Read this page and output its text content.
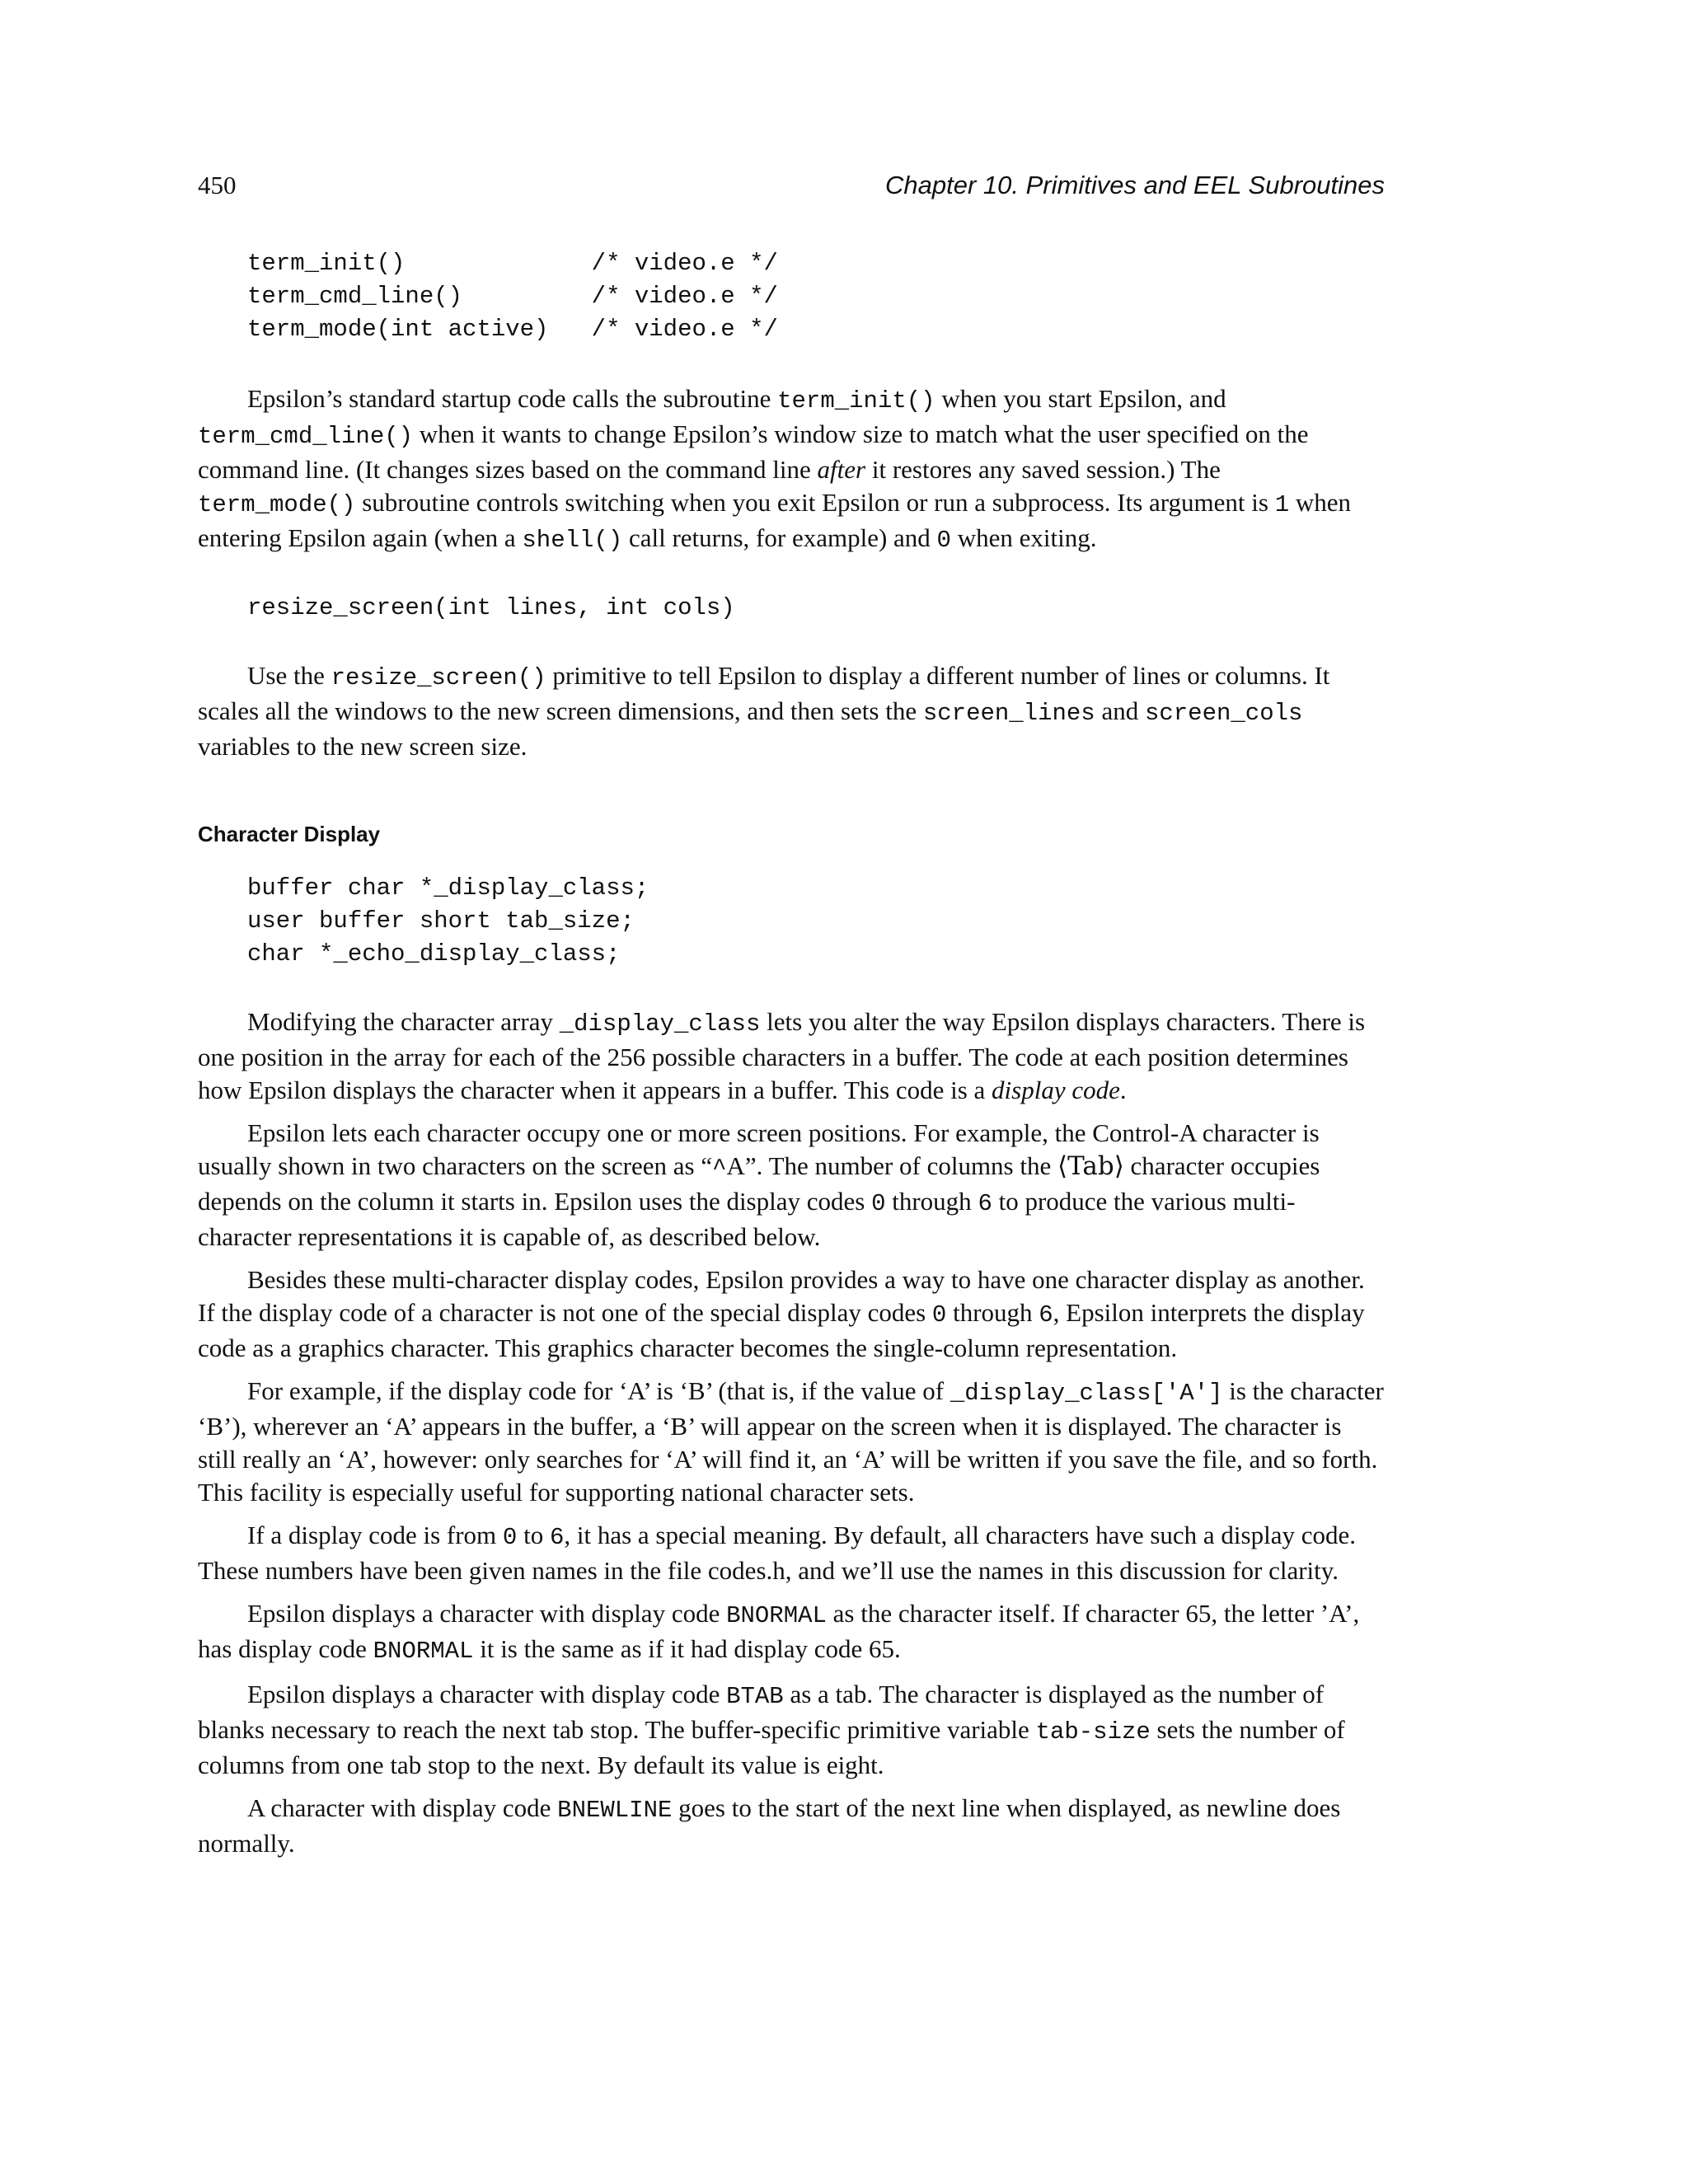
450	Chapter 10. Primitives and EEL Subroutines
term_init()             /* video.e */
term_cmd_line()         /* video.e */
term_mode(int active)   /* video.e */

Epsilon’s standard startup code calls the subroutine term_init() when you start Epsilon, and term_cmd_line() when it wants to change Epsilon’s window size to match what the user specified on the command line. (It changes sizes based on the command line after it restores any saved session.) The term_mode() subroutine controls switching when you exit Epsilon or run a subprocess. Its argument is 1 when entering Epsilon again (when a shell() call returns, for example) and 0 when exiting.

resize_screen(int lines, int cols)

Use the resize_screen() primitive to tell Epsilon to display a different number of lines or columns. It scales all the windows to the new screen dimensions, and then sets the screen_lines and screen_cols variables to the new screen size.

Character Display
buffer char *_display_class;
user buffer short tab_size;
char *_echo_display_class;

Modifying the character array _display_class lets you alter the way Epsilon displays characters. There is one position in the array for each of the 256 possible characters in a buffer. The code at each position determines how Epsilon displays the character when it appears in a buffer. This code is a display code.

Epsilon lets each character occupy one or more screen positions. For example, the Control-A character is usually shown in two characters on the screen as “^A”. The number of columns the ⟨Tab⟩ character occupies depends on the column it starts in. Epsilon uses the display codes 0 through 6 to produce the various multi-character representations it is capable of, as described below.

Besides these multi-character display codes, Epsilon provides a way to have one character display as another. If the display code of a character is not one of the special display codes 0 through 6, Epsilon interprets the display code as a graphics character. This graphics character becomes the single-column representation.

For example, if the display code for ‘A’ is ‘B’ (that is, if the value of _display_class['A'] is the character ‘B’), wherever an ‘A’ appears in the buffer, a ‘B’ will appear on the screen when it is displayed. The character is still really an ‘A’, however: only searches for ‘A’ will find it, an ‘A’ will be written if you save the file, and so forth. This facility is especially useful for supporting national character sets.

If a display code is from 0 to 6, it has a special meaning. By default, all characters have such a display code. These numbers have been given names in the file codes.h, and we’ll use the names in this discussion for clarity.

Epsilon displays a character with display code BNORMAL as the character itself. If character 65, the letter ’A’, has display code BNORMAL it is the same as if it had display code 65.

Epsilon displays a character with display code BTAB as a tab. The character is displayed as the number of blanks necessary to reach the next tab stop. The buffer-specific primitive variable tab-size sets the number of columns from one tab stop to the next. By default its value is eight.

A character with display code BNEWLINE goes to the start of the next line when displayed, as newline does normally.
